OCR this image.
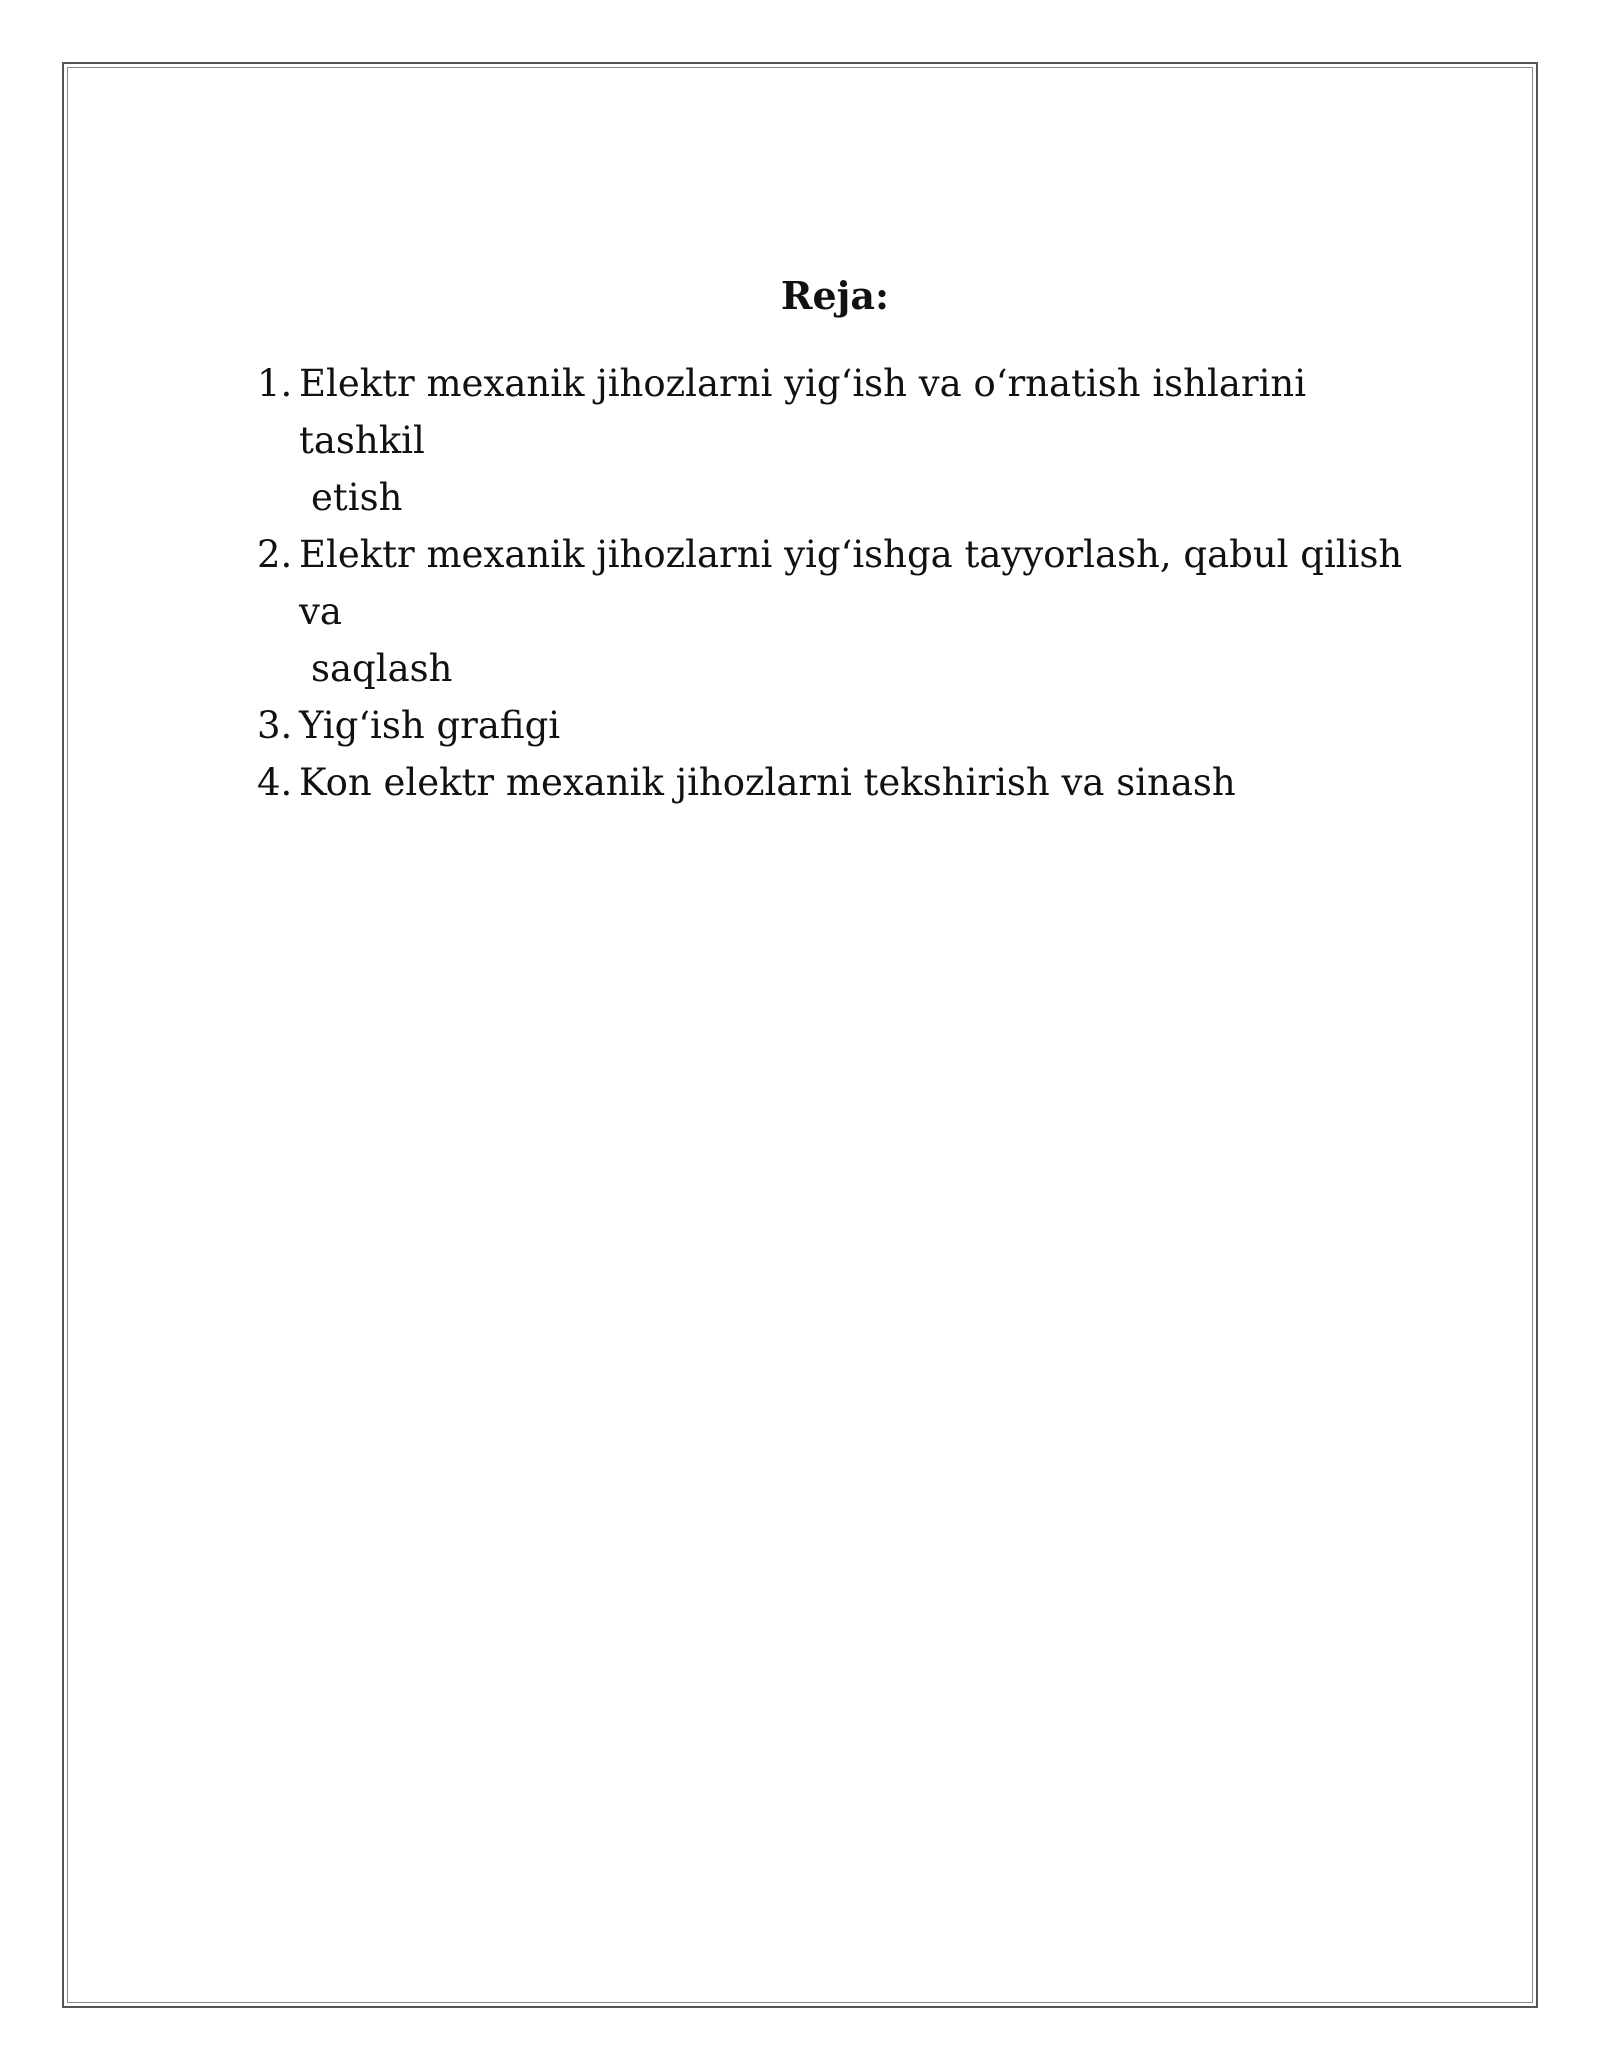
Reja:
1. Elektr mexanik jihozlarni yig‘ish va o‘rnatish ishlarini tashkil
etish
2. Elektr mexanik jihozlarni yig‘ishga tayyorlash, qabul qilish va
saqlash
3. Yig‘ish grafigi
4. Kon elektr mexanik jihozlarni tekshirish va sinash
